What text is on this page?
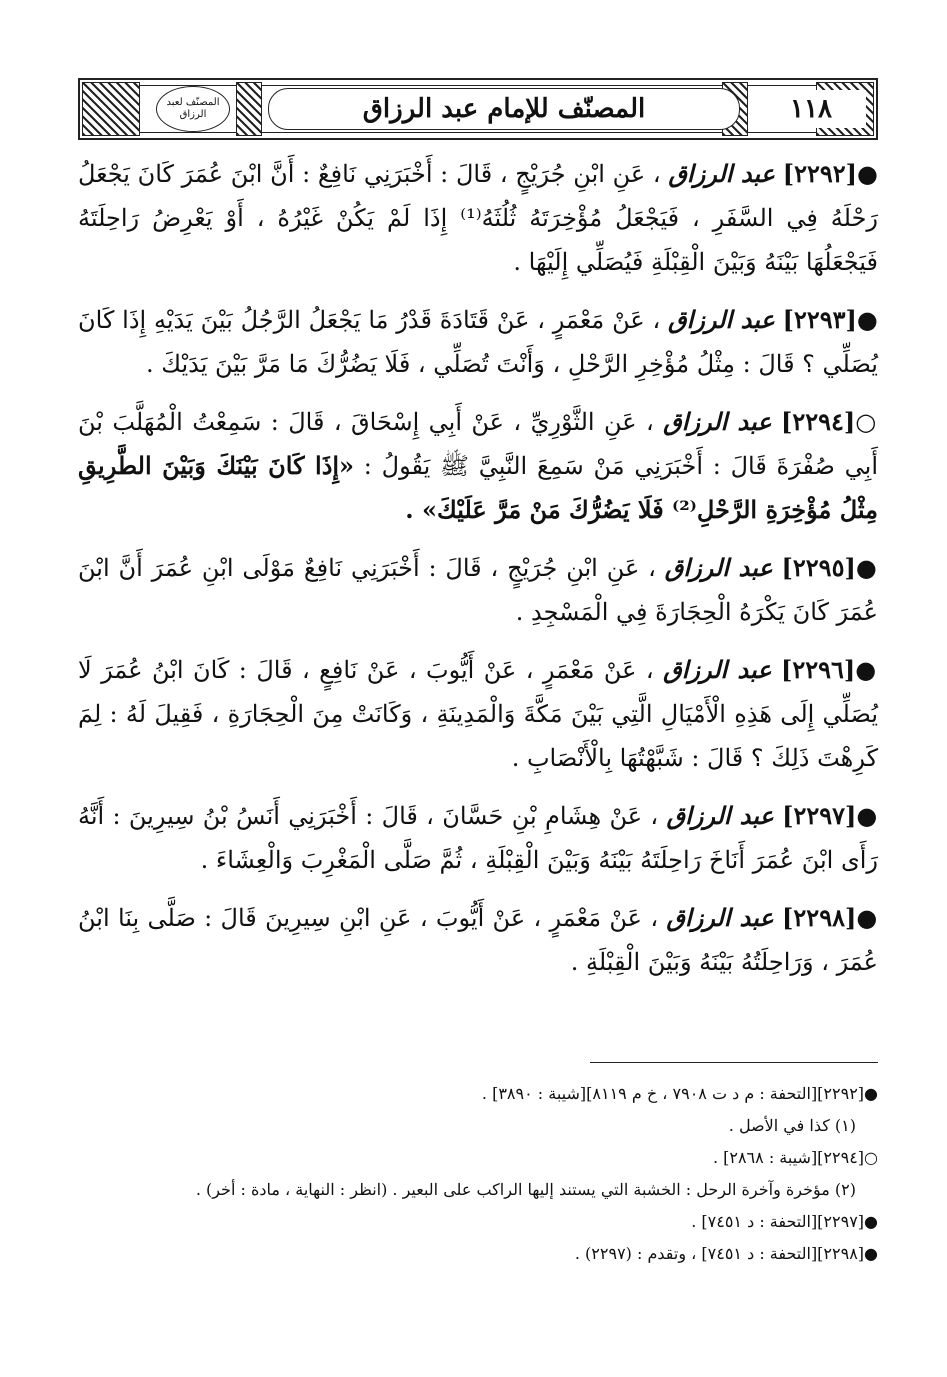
المصنّف لعبد الرزاق	المصنّف للإمام عبد الرزاق	١١٨

●[٢٢٩٢] عبد الرزاق ، عَنِ ابْنِ جُرَيْجٍ ، قَالَ : أَخْبَرَنِي نَافِعٌ : أَنَّ ابْنَ عُمَرَ كَانَ يَجْعَلُ رَحْلَهُ فِي السَّفَرِ ، فَيَجْعَلُ مُؤْخِرَتَهُ ثُلُثَهُ⁽¹⁾ إِذَا لَمْ يَكُنْ غَيْرُهُ ، أَوْ يَعْرِضُ رَاحِلَتَهُ فَيَجْعَلُهَا بَيْنَهُ وَبَيْنَ الْقِبْلَةِ فَيُصَلِّي إِلَيْهَا .

●[٢٢٩٣] عبد الرزاق ، عَنْ مَعْمَرٍ ، عَنْ قَتَادَةَ قَدْرُ مَا يَجْعَلُ الرَّجُلُ بَيْنَ يَدَيْهِ إِذَا كَانَ يُصَلِّي ؟ قَالَ : مِثْلُ مُؤْخِرِ الرَّحْلِ ، وَأَنْتَ تُصَلِّي ، فَلَا يَضُرُّكَ مَا مَرَّ بَيْنَ يَدَيْكَ .

○[٢٢٩٤] عبد الرزاق ، عَنِ الثَّوْرِيِّ ، عَنْ أَبِي إِسْحَاقَ ، قَالَ : سَمِعْتُ الْمُهَلَّبَ بْنَ أَبِي صُفْرَةَ قَالَ : أَخْبَرَنِي مَنْ سَمِعَ النَّبِيَّ ﷺ يَقُولُ : «إِذَا كَانَ بَيْنَكَ وَبَيْنَ الطَّرِيقِ مِثْلُ مُؤْخِرَةِ الرَّحْلِ⁽²⁾ فَلَا يَضُرُّكَ مَنْ مَرَّ عَلَيْكَ» .

●[٢٢٩٥] عبد الرزاق ، عَنِ ابْنِ جُرَيْجٍ ، قَالَ : أَخْبَرَنِي نَافِعٌ مَوْلَى ابْنِ عُمَرَ أَنَّ ابْنَ عُمَرَ كَانَ يَكْرَهُ الْحِجَارَةَ فِي الْمَسْجِدِ .

●[٢٢٩٦] عبد الرزاق ، عَنْ مَعْمَرٍ ، عَنْ أَيُّوبَ ، عَنْ نَافِعٍ ، قَالَ : كَانَ ابْنُ عُمَرَ لَا يُصَلِّي إِلَى هَذِهِ الْأَمْيَالِ الَّتِي بَيْنَ مَكَّةَ وَالْمَدِينَةِ ، وَكَانَتْ مِنَ الْحِجَارَةِ ، فَقِيلَ لَهُ : لِمَ كَرِهْتَ ذَلِكَ ؟ قَالَ : شَبَّهْتُهَا بِالْأَنْصَابِ .

●[٢٢٩٧] عبد الرزاق ، عَنْ هِشَامِ بْنِ حَسَّانَ ، قَالَ : أَخْبَرَنِي أَنَسُ بْنُ سِيرِينَ : أَنَّهُ رَأَى ابْنَ عُمَرَ أَنَاخَ رَاحِلَتَهُ بَيْنَهُ وَبَيْنَ الْقِبْلَةِ ، ثُمَّ صَلَّى الْمَغْرِبَ وَالْعِشَاءَ .

●[٢٢٩٨] عبد الرزاق ، عَنْ مَعْمَرٍ ، عَنْ أَيُّوبَ ، عَنِ ابْنِ سِيرِينَ قَالَ : صَلَّى بِنَا ابْنُ عُمَرَ ، وَرَاحِلَتُهُ بَيْنَهُ وَبَيْنَ الْقِبْلَةِ .

●[٢٢٩٢][التحفة : م د ت ٧٩٠٨ ، خ م ٨١١٩][شيبة : ٣٨٩٠] .

(١) كذا في الأصل .

○[٢٢٩٤][شيبة : ٢٨٦٨] .

(٢) مؤخرة وآخرة الرحل : الخشبة التي يستند إليها الراكب على البعير . (انظر : النهاية ، مادة : أخر) .

●[٢٢٩٧][التحفة : د ٧٤٥١] .

●[٢٢٩٨][التحفة : د ٧٤٥١] ، وتقدم : (٢٢٩٧) .
